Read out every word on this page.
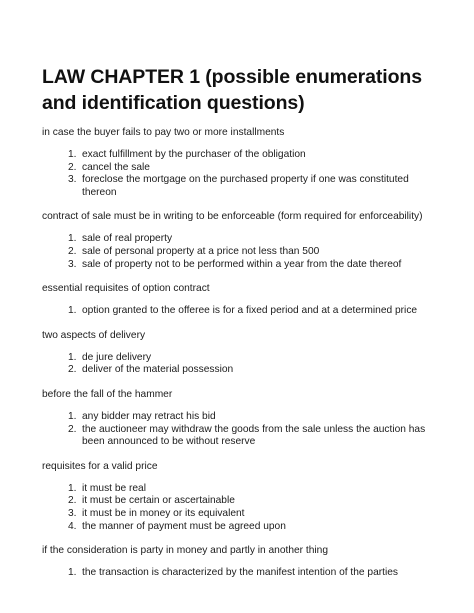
LAW CHAPTER 1 (possible enumerations and identification questions)

in case the buyer fails to pay two or more installments

1. exact fulfillment by the purchaser of the obligation
2. cancel the sale
3. foreclose the mortgage on the purchased property if one was constituted thereon

contract of sale must be in writing to be enforceable (form required for enforceability)

1. sale of real property
2. sale of personal property at a price not less than 500
3. sale of property not to be performed within a year from the date thereof

essential requisites of option contract

1. option granted to the offeree is for a fixed period and at a determined price

two aspects of delivery

1. de jure delivery
2. deliver of the material possession

before the fall of the hammer

1. any bidder may retract his bid
2. the auctioneer may withdraw the goods from the sale unless the auction has been announced to be without reserve

requisites for a valid price

1. it must be real
2. it must be certain or ascertainable
3. it must be in money or its equivalent
4. the manner of payment must be agreed upon

if the consideration is party in money and partly in another thing

1. the transaction is characterized by the manifest intention of the parties
